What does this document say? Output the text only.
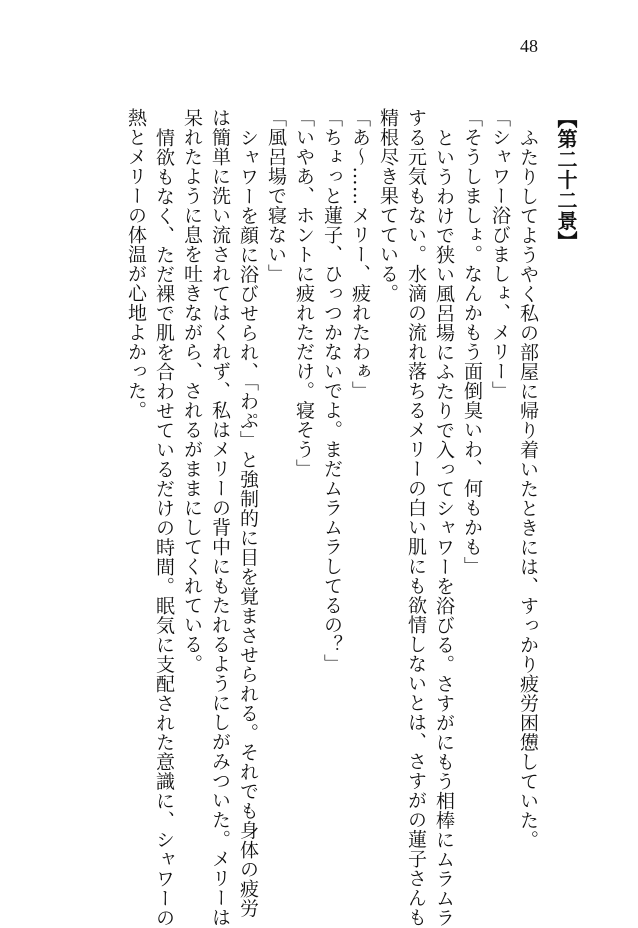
48
【第二十二景】
ふたりしてようやく私の部屋に帰り着いたときには、すっかり疲労困憊していた。
「シャワー浴びましょ、メリー」
「そうしましょ。なんかもう面倒臭いわ、何もかも」
というわけで狭い風呂場にふたりで入ってシャワーを浴びる。さすがにもう相棒にムラムラ
する元気もない。水滴の流れ落ちるメリーの白い肌にも欲情しないとは、さすがの蓮子さんも
精根尽き果てている。
「あ〜……メリー、疲れたわぁ」
「ちょっと蓮子、ひっつかないでよ。まだムラムラしてるの？」
「いやあ、ホントに疲れただけ。寝そう」
「風呂場で寝ない」
シャワーを顔に浴びせられ、「わぷ」と強制的に目を覚まさせられる。それでも身体の疲労
は簡単に洗い流されてはくれず、私はメリーの背中にもたれるようにしがみついた。メリーは
呆れたように息を吐きながら、されるがままにしてくれている。
情欲もなく、ただ裸で肌を合わせているだけの時間。眠気に支配された意識に、シャワーの
熱とメリーの体温が心地よかった。
